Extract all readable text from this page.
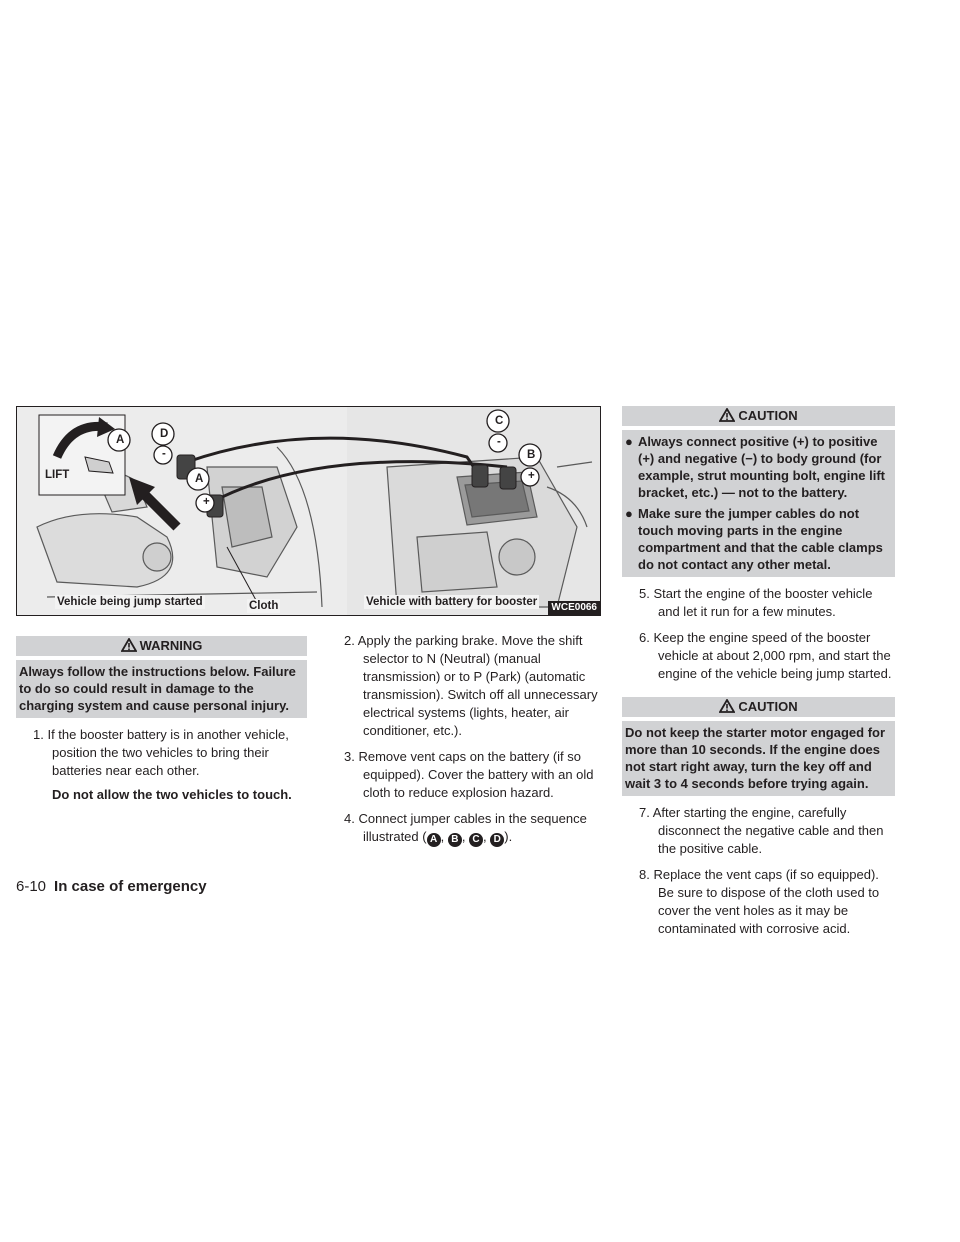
LIFT
A	D
-
A
+
C
-
B
+
Vehicle being jump started	Cloth	Vehicle with battery for booster	WCE0066
WARNING
Always follow the instructions below. Failure to do so could result in damage to the charging system and cause personal injury.
1. If the booster battery is in another vehicle, position the two vehicles to bring their batteries near each other.
Do not allow the two vehicles to touch.
2. Apply the parking brake. Move the shift selector to N (Neutral) (manual transmission) or to P (Park) (automatic transmission). Switch off all unnecessary electrical systems (lights, heater, air conditioner, etc.).
3. Remove vent caps on the battery (if so equipped). Cover the battery with an old cloth to reduce explosion hazard.
4. Connect jumper cables in the sequence illustrated ( A , B , C , D ).
CAUTION
● Always connect positive (+) to positive (+) and negative (−) to body ground (for example, strut mounting bolt, engine lift bracket, etc.) — not to the battery.
● Make sure the jumper cables do not touch moving parts in the engine compartment and that the cable clamps do not contact any other metal.
5. Start the engine of the booster vehicle and let it run for a few minutes.
6. Keep the engine speed of the booster vehicle at about 2,000 rpm, and start the engine of the vehicle being jump started.
CAUTION
Do not keep the starter motor engaged for more than 10 seconds. If the engine does not start right away, turn the key off and wait 3 to 4 seconds before trying again.
7. After starting the engine, carefully disconnect the negative cable and then the positive cable.
8. Replace the vent caps (if so equipped). Be sure to dispose of the cloth used to cover the vent holes as it may be contaminated with corrosive acid.
6-10 In case of emergency
